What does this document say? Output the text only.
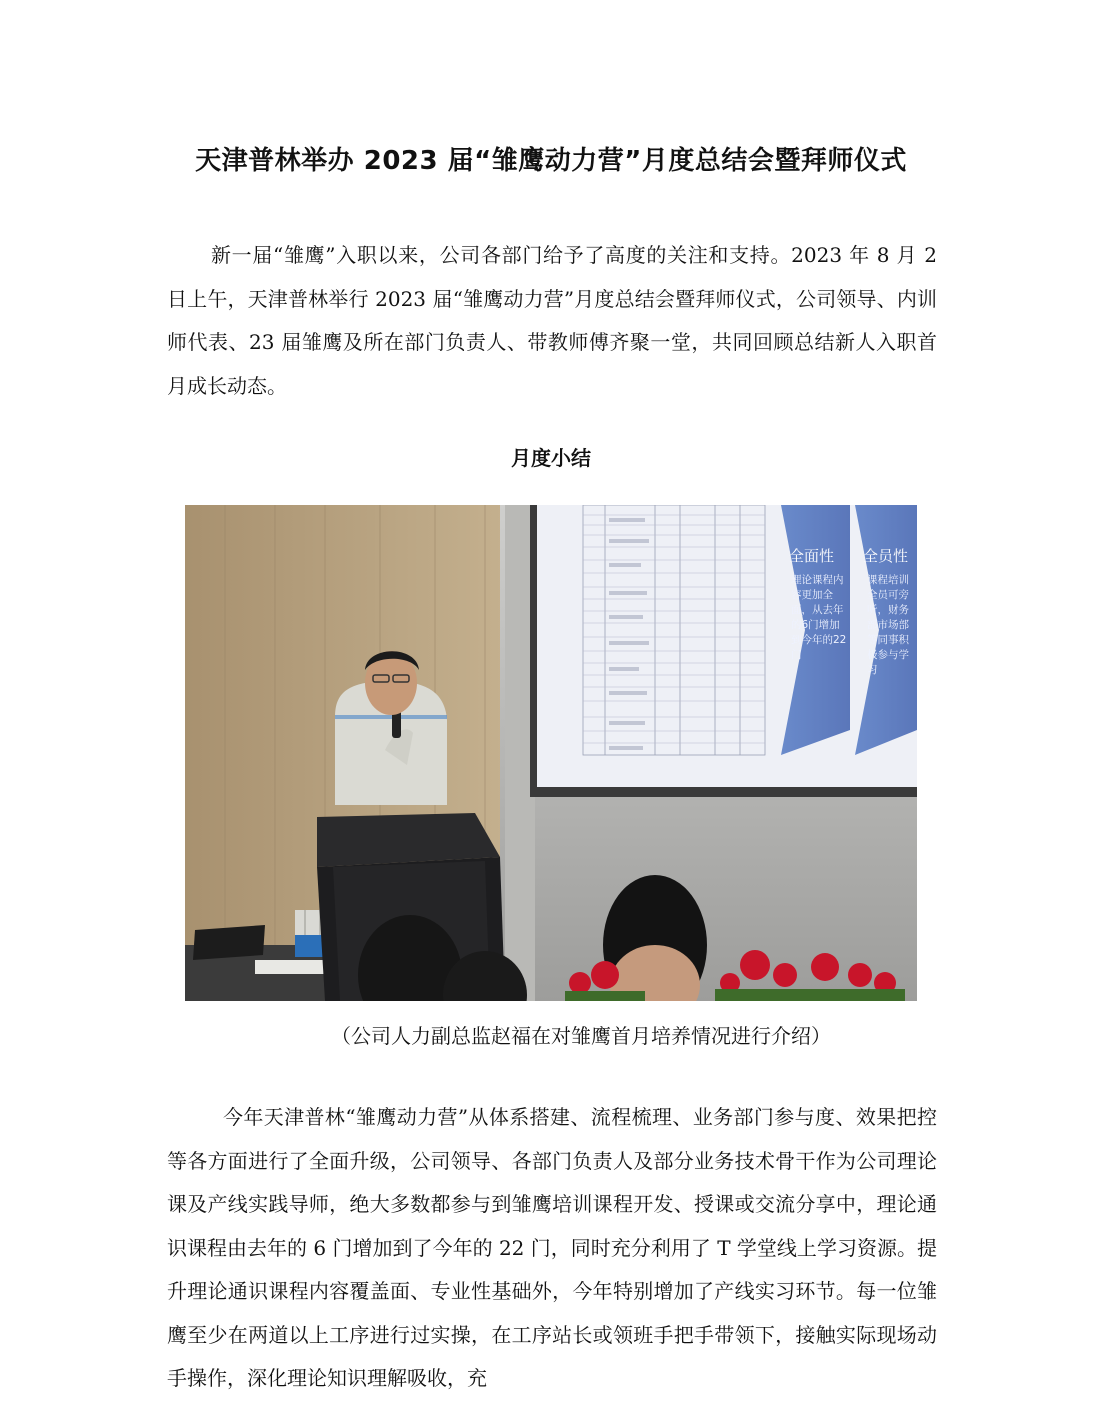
天津普林举办 2023 届“雏鹰动力营”月度总结会暨拜师仪式

新一届“雏鹰”入职以来，公司各部门给予了高度的关注和支持。2023 年 8 月 2 日上午，天津普林举行 2023 届“雏鹰动力营”月度总结会暨拜师仪式，公司领导、内训师代表、23 届雏鹰及所在部门负责人、带教师傅齐聚一堂，共同回顾总结新人入职首月成长动态。

月度小结
全面性 全员性
理论课程内容更加全面，从去年的6门增加到今年的22门
课程培训全员可旁听，财务部市场部等同事积极参与学习
（公司人力副总监赵福在对雏鹰首月培养情况进行介绍）

今年天津普林“雏鹰动力营”从体系搭建、流程梳理、业务部门参与度、效果把控等各方面进行了全面升级，公司领导、各部门负责人及部分业务技术骨干作为公司理论课及产线实践导师，绝大多数都参与到雏鹰培训课程开发、授课或交流分享中，理论通识课程由去年的 6 门增加到了今年的 22 门，同时充分利用了 T 学堂线上学习资源。提升理论通识课程内容覆盖面、专业性基础外，今年特别增加了产线实习环节。每一位雏鹰至少在两道以上工序进行过实操，在工序站长或领班手把手带领下，接触实际现场动手操作，深化理论知识理解吸收，充
